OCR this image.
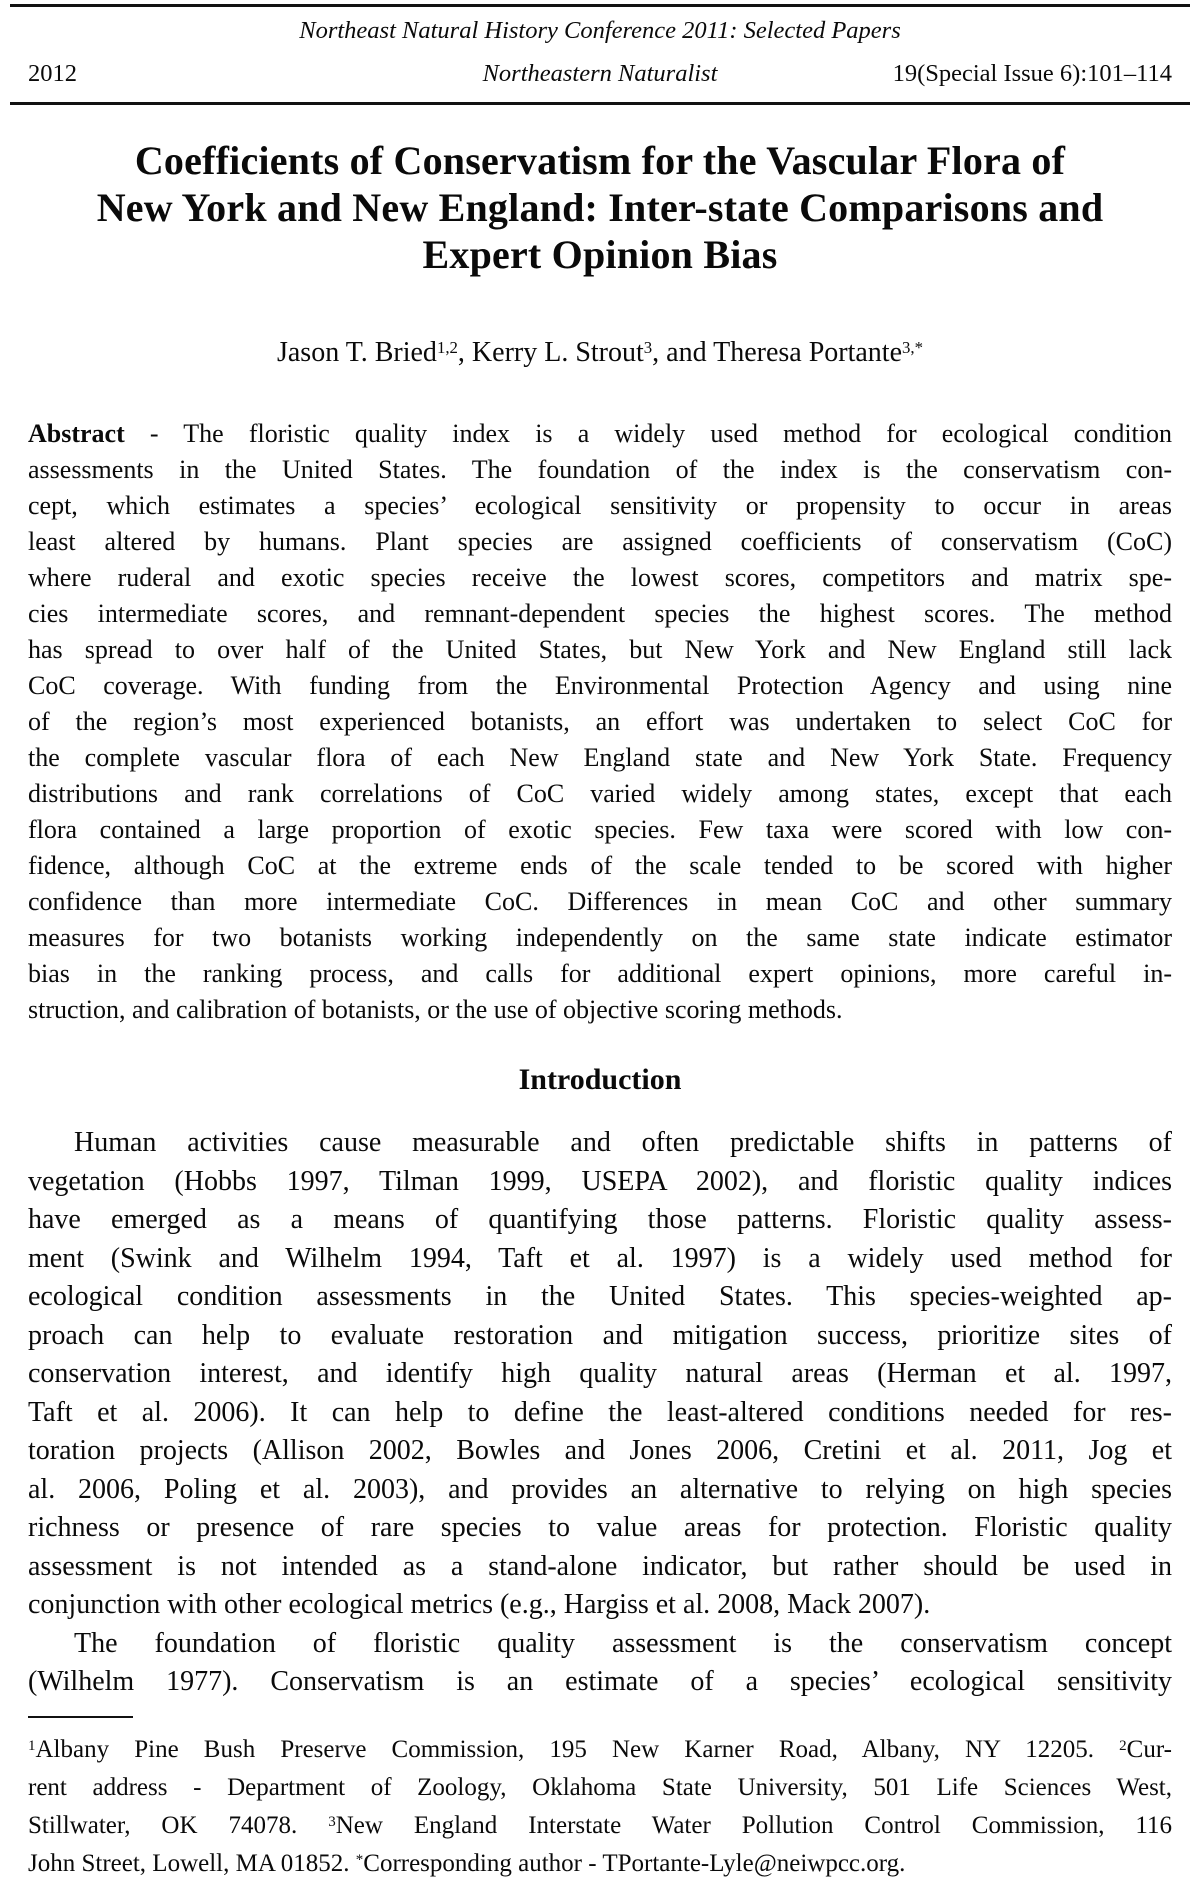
Northeast Natural History Conference 2011: Selected Papers
2012	Northeastern Naturalist	19(Special Issue 6):101–114
Coefficients of Conservatism for the Vascular Flora of
New York and New England: Inter-state Comparisons and
Expert Opinion Bias
Jason T. Bried$^{1,2}$, Kerry L. Strout$^3$, and Theresa Portante$^{3,*}$
Abstract - The floristic quality index is a widely used method for ecological condition
assessments in the United States. The foundation of the index is the conservatism con-
cept, which estimates a species’ ecological sensitivity or propensity to occur in areas
least altered by humans. Plant species are assigned coefficients of conservatism (CoC)
where ruderal and exotic species receive the lowest scores, competitors and matrix spe-
cies intermediate scores, and remnant-dependent species the highest scores. The method
has spread to over half of the United States, but New York and New England still lack
CoC coverage. With funding from the Environmental Protection Agency and using nine
of the region’s most experienced botanists, an effort was undertaken to select CoC for
the complete vascular flora of each New England state and New York State. Frequency
distributions and rank correlations of CoC varied widely among states, except that each
flora contained a large proportion of exotic species. Few taxa were scored with low con-
fidence, although CoC at the extreme ends of the scale tended to be scored with higher
confidence than more intermediate CoC. Differences in mean CoC and other summary
measures for two botanists working independently on the same state indicate estimator
bias in the ranking process, and calls for additional expert opinions, more careful in-
struction, and calibration of botanists, or the use of objective scoring methods.
Introduction
Human activities cause measurable and often predictable shifts in patterns of
vegetation (Hobbs 1997, Tilman 1999, USEPA 2002), and floristic quality indices
have emerged as a means of quantifying those patterns. Floristic quality assess-
ment (Swink and Wilhelm 1994, Taft et al. 1997) is a widely used method for
ecological condition assessments in the United States. This species-weighted ap-
proach can help to evaluate restoration and mitigation success, prioritize sites of
conservation interest, and identify high quality natural areas (Herman et al. 1997,
Taft et al. 2006). It can help to define the least-altered conditions needed for res-
toration projects (Allison 2002, Bowles and Jones 2006, Cretini et al. 2011, Jog et
al. 2006, Poling et al. 2003), and provides an alternative to relying on high species
richness or presence of rare species to value areas for protection. Floristic quality
assessment is not intended as a stand-alone indicator, but rather should be used in
conjunction with other ecological metrics (e.g., Hargiss et al. 2008, Mack 2007).
The foundation of floristic quality assessment is the conservatism concept
(Wilhelm 1977). Conservatism is an estimate of a species’ ecological sensitivity
$^1$Albany Pine Bush Preserve Commission, 195 New Karner Road, Albany, NY 12205. $^2$Cur-
rent address - Department of Zoology, Oklahoma State University, 501 Life Sciences West,
Stillwater, OK 74078. $^3$New England Interstate Water Pollution Control Commission, 116
John Street, Lowell, MA 01852. *Corresponding author - TPortante-Lyle@neiwpcc.org.
